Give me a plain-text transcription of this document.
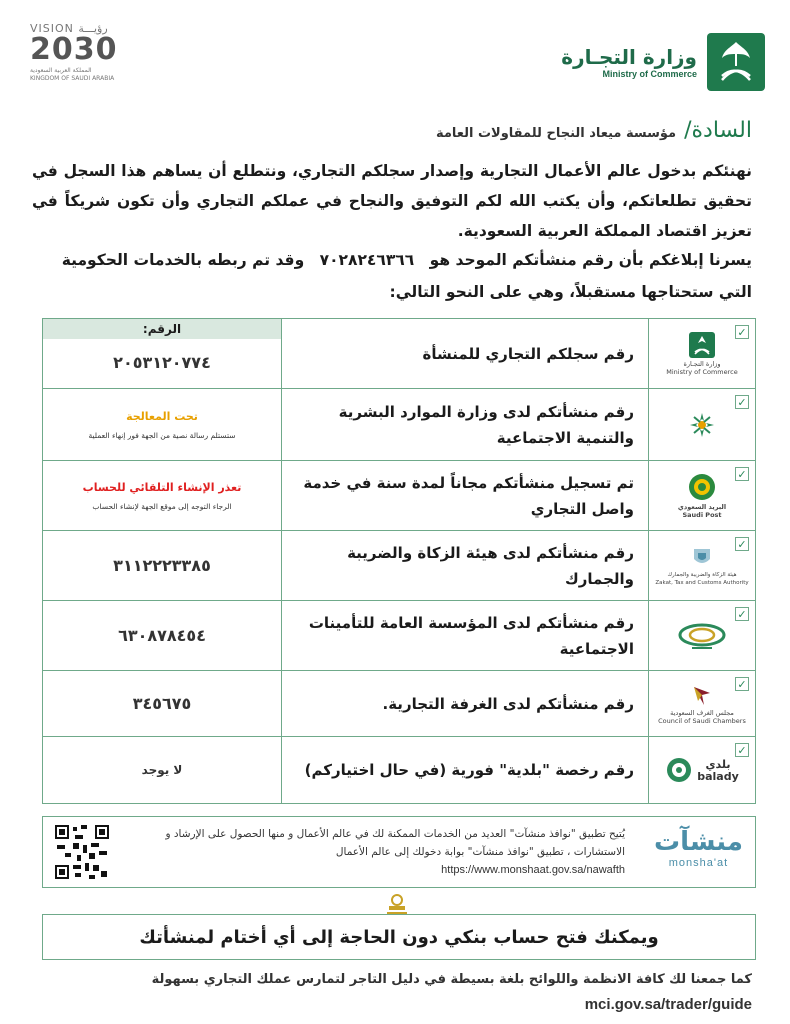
VISION رؤيـــة
2030
المملكة العربية السعودية
KINGDOM OF SAUDI ARABIA
وزارة التجـارة
Ministry of Commerce
السادة/
مؤسسة ميعاد النجاح للمقاولات العامة
نهنئكم بدخول عالم الأعمال التجارية وإصدار سجلكم التجاري، ونتطلع أن يساهم هذا السجل في تحقيق تطلعاتكم، وأن يكتب الله لكم التوفيق والنجاح في عملكم التجاري وأن تكون شريكاً في تعزيز اقتصاد المملكة العربية السعودية.
يسرنا إبلاغكم بأن رقم منشأتكم الموحد هو ٧٠٢٨٢٤٦٣٦٦ وقد تم ربطه بالخدمات الحكومية التي ستحتاجها مستقبلاً، وهي على النحو التالي:
✓
وزارة التجـارة
Ministry of Commerce
رقم سجلكم التجاري للمنشأة
الرقم:
٢٠٥٣١٢٠٧٧٤
✓
رقم منشأتكم لدى وزارة الموارد البشرية والتنمية الاجتماعية
تحت المعالجة
ستستلم رسالة نصية من الجهة فور إنهاء العملية
✓
البريد السعودي
Saudi Post
تم تسجيل منشأتكم مجاناً لمدة سنة في خدمة واصل التجاري
تعذر الإنشاء التلقائي للحساب
الرجاء التوجه إلى موقع الجهة لإنشاء الحساب
✓
هيئة الزكاة والضريبة والجمارك
Zakat, Tax and Customs Authority
رقم منشأتكم لدى هيئة الزكاة والضريبة والجمارك
٣١١٢٢٢٣٣٨٥
✓
رقم منشأتكم لدى المؤسسة العامة للتأمينات الاجتماعية
٦٣٠٨٧٨٤٥٤
✓
مجلس الغرف السعودية
Council of Saudi Chambers
رقم منشأتكم لدى الغرفة التجارية.
٣٤٥٦٧٥
✓
بلدي
balady
رقم رخصة "بلدية" فورية (في حال اختياركم)
لا يوجد
منشآت
monsha'at
يُتيح تطبيق "نوافذ منشآت" العديد من الخدمات الممكنة لك في عالم الأعمال و منها الحصول على الإرشاد و الاستشارات ، تطبيق "نوافذ منشآت" بوابة دخولك إلى عالم الأعمال
https://www.monshaat.gov.sa/nawafth
ويمكنك فتح حساب بنكي دون الحاجة إلى أي أختام لمنشأتك
كما جمعنا لك كافة الانظمة واللوائح بلغة بسيطة في دليل التاجر لتمارس عملك التجاري بسهولة
mci.gov.sa/trader/guide
